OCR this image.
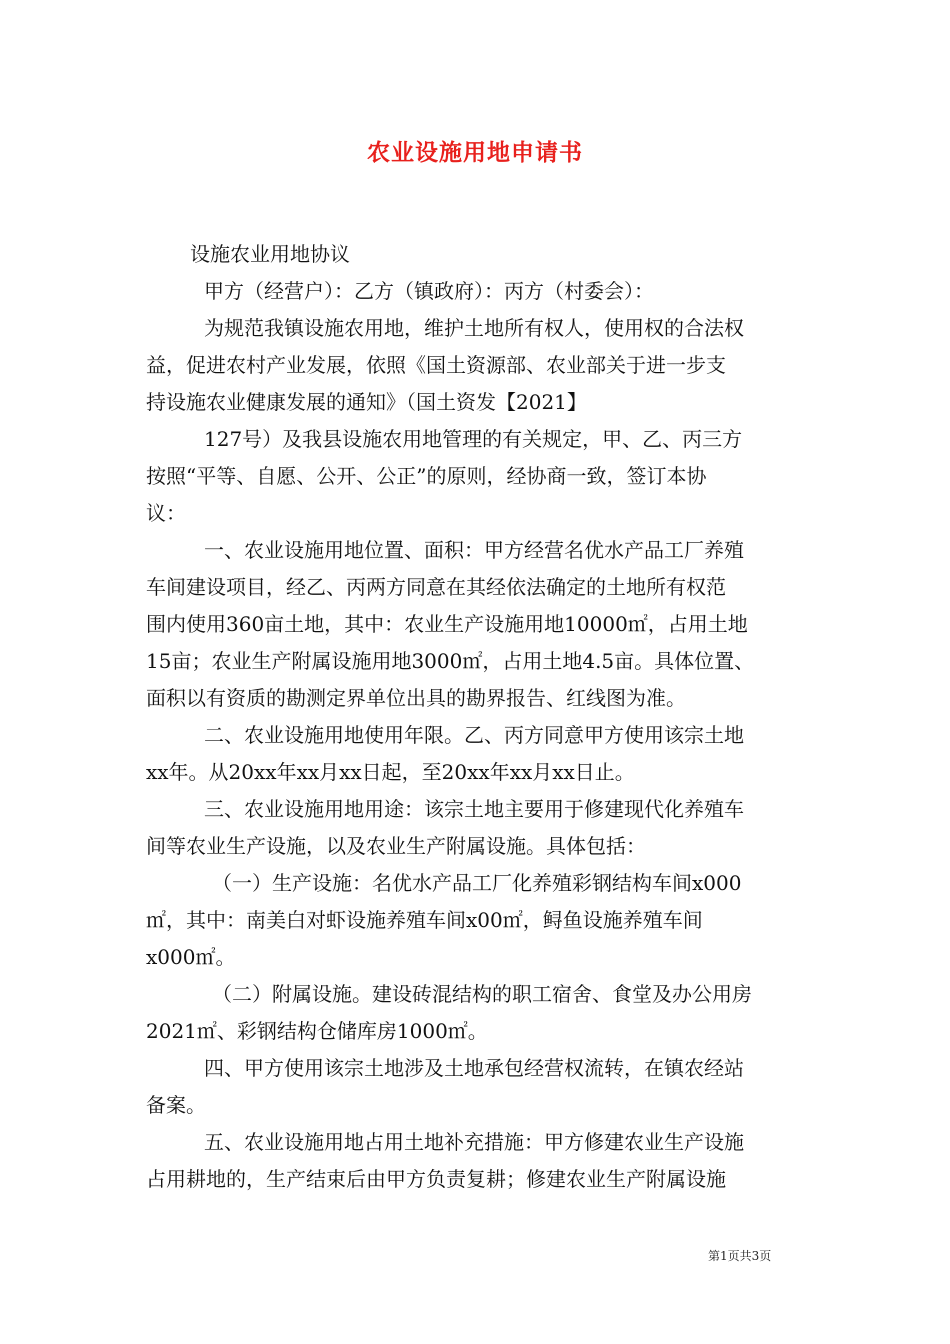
农业设施用地申请书
设施农业用地协议
甲方（经营户）：乙方（镇政府）：丙方（村委会）：
为规范我镇设施农用地，维护土地所有权人，使用权的合法权
益，促进农村产业发展，依照《国土资源部、农业部关于进一步支
持设施农业健康发展的通知》（国土资发【2021】
127号）及我县设施农用地管理的有关规定，甲、乙、丙三方
按照“平等、自愿、公开、公正”的原则，经协商一致，签订本协
议：
一、农业设施用地位置、面积：甲方经营名优水产品工厂养殖
车间建设项目，经乙、丙两方同意在其经依法确定的土地所有权范
围内使用360亩土地，其中：农业生产设施用地10000㎡，占用土地
15亩；农业生产附属设施用地3000㎡，占用土地4.5亩。具体位置、
面积以有资质的勘测定界单位出具的勘界报告、红线图为准。
二、农业设施用地使用年限。乙、丙方同意甲方使用该宗土地
xx年。从20xx年xx月xx日起，至20xx年xx月xx日止。
三、农业设施用地用途：该宗土地主要用于修建现代化养殖车
间等农业生产设施，以及农业生产附属设施。具体包括：
（一）生产设施：名优水产品工厂化养殖彩钢结构车间x000
㎡，其中：南美白对虾设施养殖车间x00㎡，鲟鱼设施养殖车间
x000㎡。
（二）附属设施。建设砖混结构的职工宿舍、食堂及办公用房
2021㎡、彩钢结构仓储库房1000㎡。
四、甲方使用该宗土地涉及土地承包经营权流转，在镇农经站
备案。
五、农业设施用地占用土地补充措施：甲方修建农业生产设施
占用耕地的，生产结束后由甲方负责复耕；修建农业生产附属设施
第1页共3页
